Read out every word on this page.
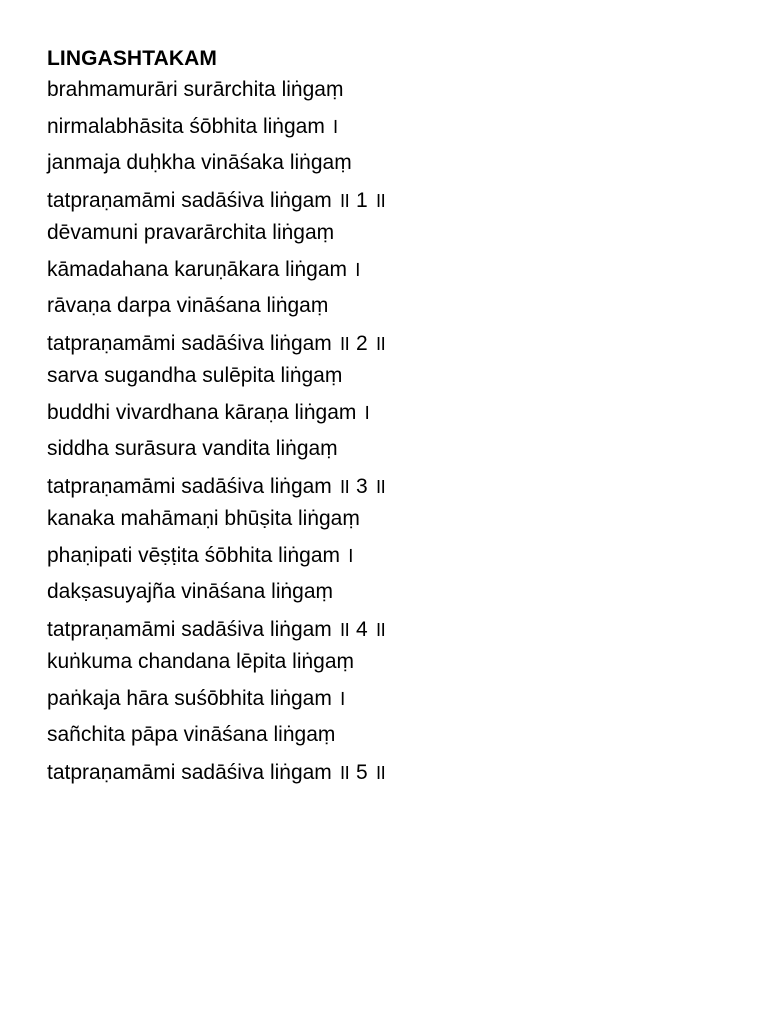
LINGASHTAKAM
brahmamurāri surārchita liṅgaṃ
nirmalabhāsita śōbhita liṅgam ।
janmaja duḥkha vināśaka liṅgaṃ
tatpraṇamāmi sadāśiva liṅgam ॥ 1 ॥
dēvamuni pravarārchita liṅgaṃ
kāmadahana karuṇākara liṅgam ।
rāvaṇa darpa vināśana liṅgaṃ
tatpraṇamāmi sadāśiva liṅgam ॥ 2 ॥
sarva sugandha sulēpita liṅgaṃ
buddhi vivardhana kāraṇa liṅgam ।
siddha surāsura vandita liṅgaṃ
tatpraṇamāmi sadāśiva liṅgam ॥ 3 ॥
kanaka mahāmaṇi bhūṣita liṅgaṃ
phaṇipati vēṣṭita śōbhita liṅgam ।
dakṣasuyajña vināśana liṅgaṃ
tatpraṇamāmi sadāśiva liṅgam ॥ 4 ॥
kuṅkuma chandana lēpita liṅgaṃ
paṅkaja hāra suśōbhita liṅgam ।
sañchita pāpa vināśana liṅgaṃ
tatpraṇamāmi sadāśiva liṅgam ॥ 5 ॥
